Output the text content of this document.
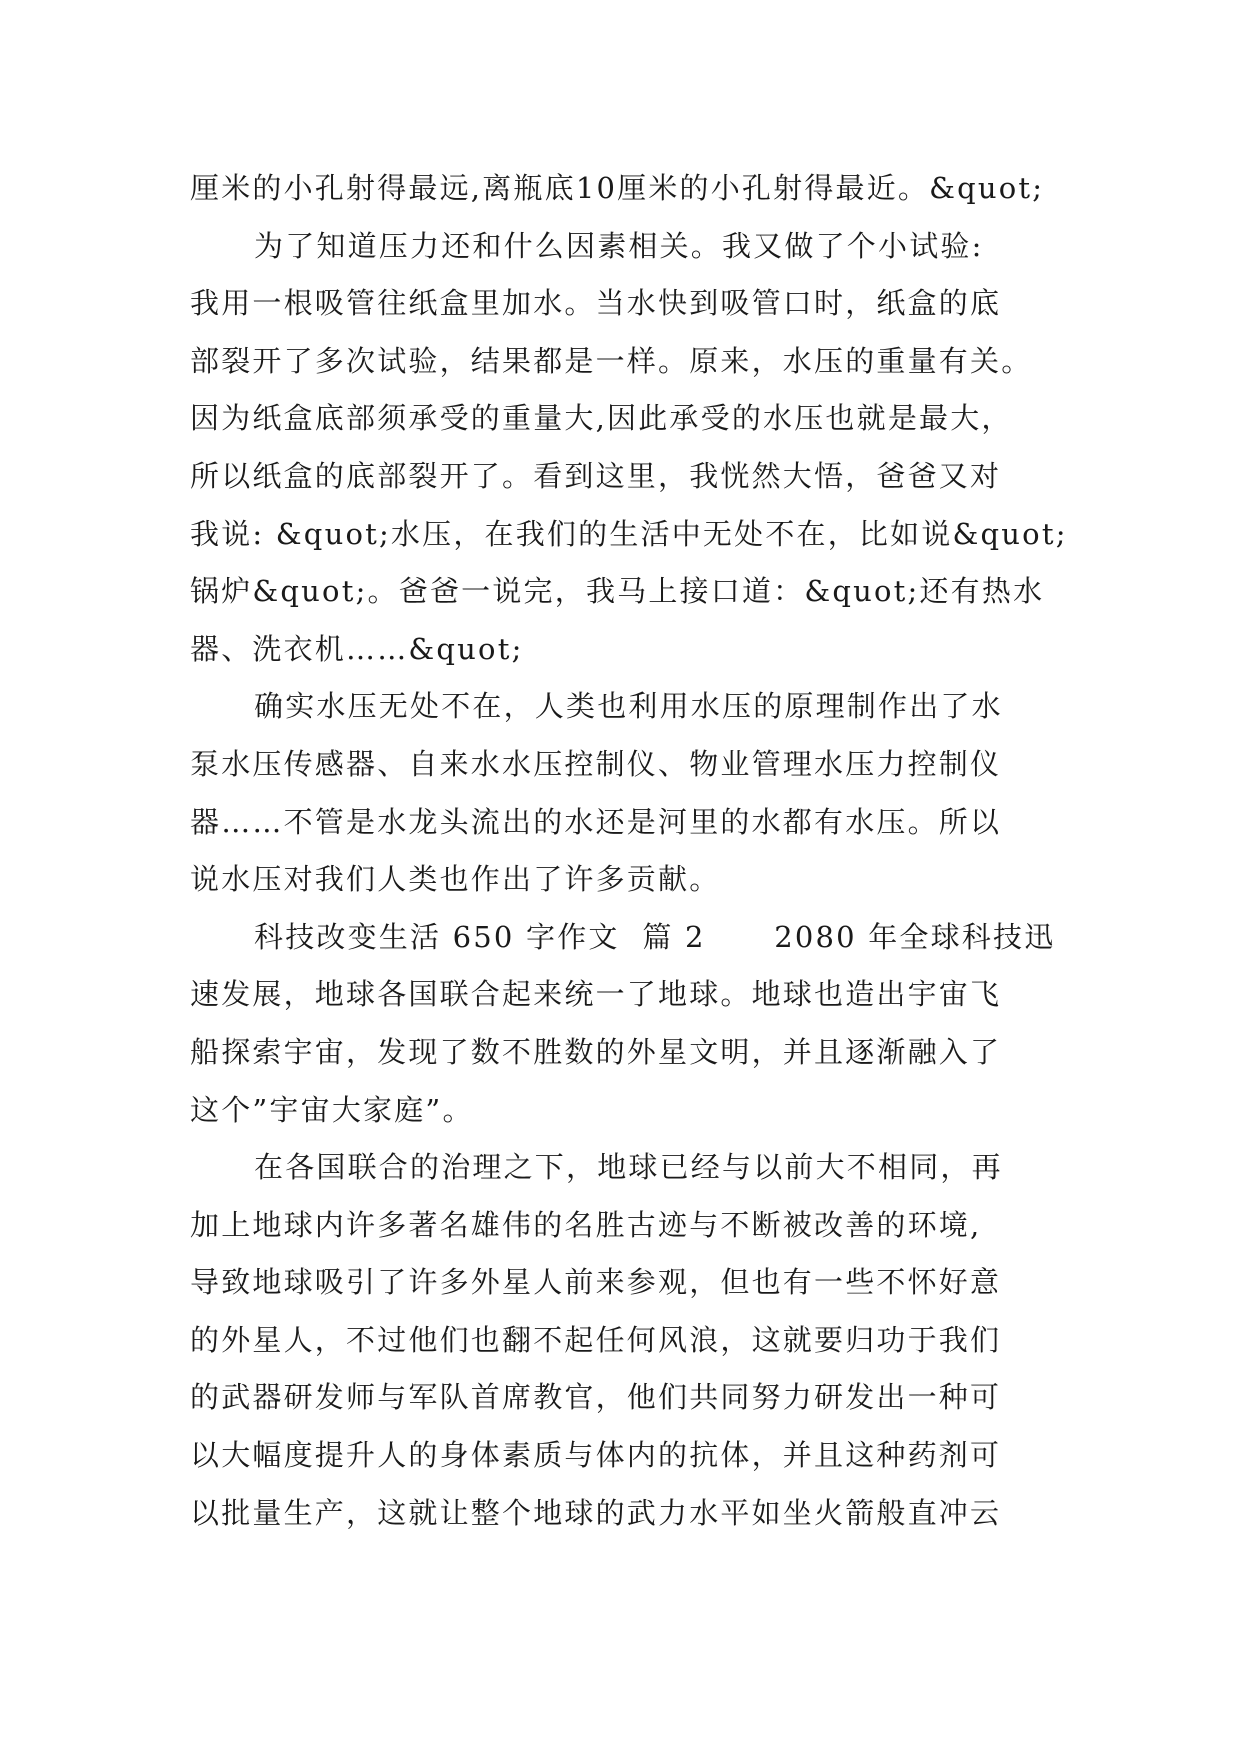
厘米的小孔射得最远,离瓶底10厘米的小孔射得最近。&quot;
为了知道压力还和什么因素相关。我又做了个小试验:
我用一根吸管往纸盒里加水。当水快到吸管口时，纸盒的底
部裂开了多次试验，结果都是一样。原来，水压的重量有关。
因为纸盒底部须承受的重量大,因此承受的水压也就是最大，
所以纸盒的底部裂开了。看到这里，我恍然大悟，爸爸又对
我说: &quot;水压，在我们的生活中无处不在，比如说&quot;
锅炉&quot;。爸爸一说完，我马上接口道：&quot;还有热水
器、洗衣机……&quot;
确实水压无处不在，人类也利用水压的原理制作出了水
泵水压传感器、自来水水压控制仪、物业管理水压力控制仪
器……不管是水龙头流出的水还是河里的水都有水压。所以
说水压对我们人类也作出了许多贡献。
科技改变生活 650 字作文  篇 2      2080 年全球科技迅
速发展，地球各国联合起来统一了地球。地球也造出宇宙飞
船探索宇宙，发现了数不胜数的外星文明，并且逐渐融入了
这个”宇宙大家庭”。
在各国联合的治理之下，地球已经与以前大不相同，再
加上地球内许多著名雄伟的名胜古迹与不断被改善的环境,
导致地球吸引了许多外星人前来参观，但也有一些不怀好意
的外星人，不过他们也翻不起任何风浪，这就要归功于我们
的武器研发师与军队首席教官，他们共同努力研发出一种可
以大幅度提升人的身体素质与体内的抗体，并且这种药剂可
以批量生产，这就让整个地球的武力水平如坐火箭般直冲云
